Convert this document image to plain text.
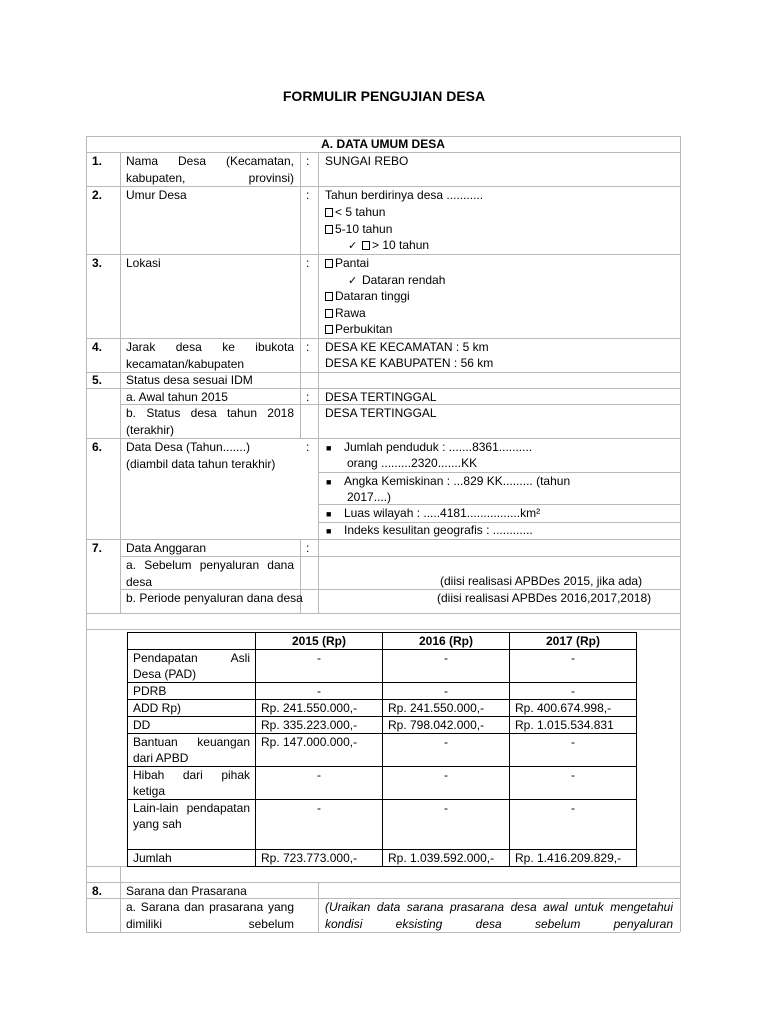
FORMULIR PENGUJIAN DESA
A. DATA UMUM DESA
1. Nama Desa (Kecamatan, kabupaten, provinsi)
: SUNGAI REBO
2. Umur Desa	: Tahun berdirinya desa ...........
< 5 tahun
5-10 tahun
✓ > 10 tahun
3. Lokasi	:	Pantai
✓ Dataran rendah
Dataran tinggi
Rawa
Perbukitan
4. Jarak desa ke ibukota kecamatan/kabupaten
: DESA KE KECAMATAN : 5 km
DESA KE KABUPATEN : 56 km
5. Status desa sesuai IDM
a. Awal tahun 2015	: DESA TERTINGGAL
b. Status desa tahun 2018 (terakhir)
DESA TERTINGGAL
6. Data Desa (Tahun.......) (diambil data tahun terakhir)
: ■ Jumlah penduduk : .......8361..........
orang .........2320.......KK
■ Angka Kemiskinan : ...829 KK......... (tahun
2017....)
■ Luas wilayah : .....4181................km²
■ Indeks kesulitan geografis : ............
7. Data Anggaran	:
a. Sebelum penyaluran dana desa	(diisi realisasi APBDes 2015, jika ada)
b. Periode penyaluran dana desa	(diisi realisasi APBDes 2016,2017,2018)
	2015 (Rp)	2016 (Rp)	2017 (Rp)
Pendapatan Asli Desa (PAD)	-	-	-
PDRB	-	-	-
ADD Rp)	Rp. 241.550.000,-	Rp. 241.550.000,-	Rp. 400.674.998,-
DD	Rp. 335.223.000,-	Rp. 798.042.000,-	Rp. 1.015.534.831
Bantuan keuangan dari APBD	Rp. 147.000.000,-	-	-
Hibah dari pihak ketiga	-	-	-
Lain-lain pendapatan yang sah	-	-	-
Jumlah	Rp. 723.773.000,-	Rp. 1.039.592.000,-	Rp. 1.416.209.829,-
8. Sarana dan Prasarana
a. Sarana dan prasarana yang dimiliki sebelum
(Uraikan data sarana prasarana desa awal untuk mengetahui kondisi eksisting desa sebelum penyaluran
